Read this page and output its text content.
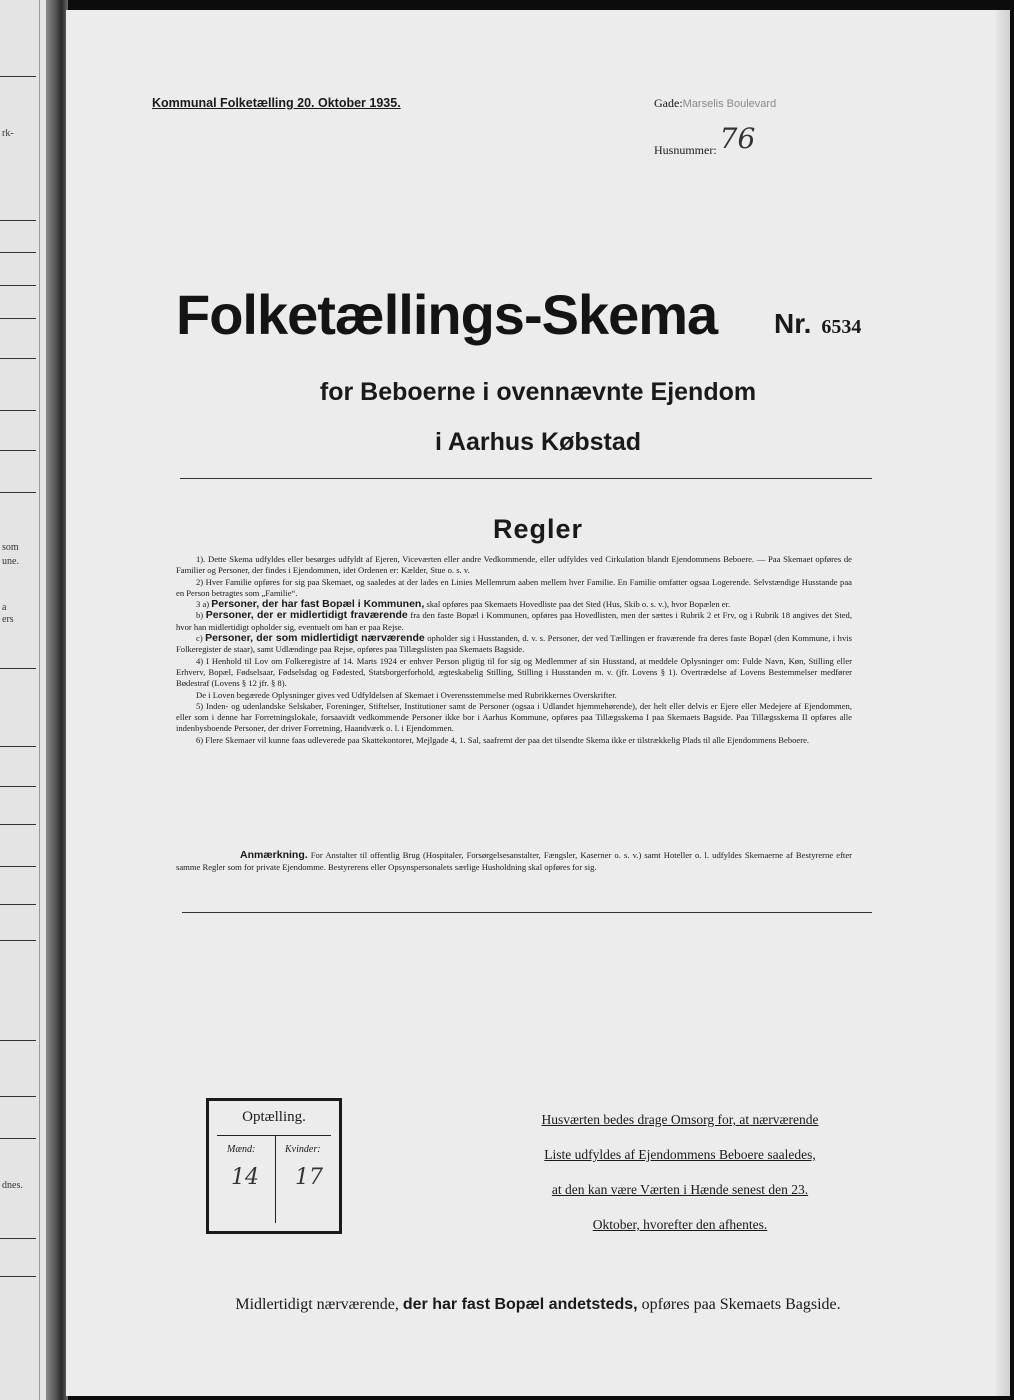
rk-
som
une.
a
ers
dnes.
Kommunal Folketælling 20. Oktober 1935.	Gade:Marselis Boulevard
Husnummer: 76
Folketællings-Skema Nr. 6534
for Beboerne i ovennævnte Ejendom
i Aarhus Købstad
Regler

1). Dette Skema udfyldes eller besørges udfyldt af Ejeren, Viceværten eller andre Vedkommende, eller udfyldes ved Cirkulation blandt Ejendommens Beboere. — Paa Skemaet opføres de Familier og Personer, der findes i Ejendommen, idet Ordenen er: Kælder, Stue o. s. v.

2) Hver Familie opføres for sig paa Skemaet, og saaledes at der lades en Linies Mellemrum aaben mellem hver Familie. En Familie omfatter ogsaa Logerende. Selvstændige Husstande paa en Person betragtes som „Familie“.

3 a) Personer, der har fast Bopæl i Kommunen, skal opføres paa Skemaets Hovedliste paa det Sted (Hus, Skib o. s. v.), hvor Bopælen er.

b) Personer, der er midlertidigt fraværende fra den faste Bopæl i Kommunen, opføres paa Hovedlisten, men der sættes i Rubrik 2 et Frv, og i Rubrik 18 angives det Sted, hvor han midlertidigt opholder sig, eventuelt om han er paa Rejse.

c) Personer, der som midlertidigt nærværende opholder sig i Husstanden, d. v. s. Personer, der ved Tællingen er fraværende fra deres faste Bopæl (den Kommune, i hvis Folkeregister de staar), samt Udlændinge paa Rejse, opføres paa Tillægslisten paa Skemaets Bagside.

4) I Henhold til Lov om Folkeregistre af 14. Marts 1924 er enhver Person pligtig til for sig og Medlemmer af sin Husstand, at meddele Oplysninger om: Fulde Navn, Køn, Stilling eller Erhverv, Bopæl, Fødselsaar, Fødselsdag og Fødested, Statsborgerforhold, ægteskabelig Stilling, Stilling i Husstanden m. v. (jfr. Lovens § 1). Overtrædelse af Lovens Bestemmelser medfører Bødestraf (Lovens § 12 jfr. § 8).

De i Loven begærede Oplysninger gives ved Udfyldelsen af Skemaet i Overensstemmelse med Rubrikkernes Overskrifter.

5) Inden- og udenlandske Selskaber, Foreninger, Stiftelser, Institutioner samt de Personer (ogsaa i Udlandet hjemmehørende), der helt eller delvis er Ejere eller Medejere af Ejendommen, eller som i denne har Forretningslokale, forsaavidt vedkommende Personer ikke bor i Aarhus Kommune, opføres paa Tillægsskema I paa Skemaets Bagside. Paa Tillægsskema II opføres alle indenbysboende Personer, der driver Forretning, Haandværk o. l. i Ejendommen.

6) Flere Skemaer vil kunne faas udleverede paa Skattekontoret, Mejlgade 4, 1. Sal, saafremt der paa det tilsendte Skema ikke er tilstrækkelig Plads til alle Ejendommens Beboere.

Anmærkning. For Anstalter til offentlig Brug (Hospitaler, Forsørgelsesanstalter, Fængsler, Kaserner o. s. v.) samt Hoteller o. l. udfyldes Skemaerne af Bestyrerne efter samme Regler som for private Ejendomme. Bestyrerens eller Opsynspersonalets særlige Husholdning skal opføres for sig.

Optælling.
Mænd:	Kvinder:
14 17
Husværten bedes drage Omsorg for, at nærværende
Liste udfyldes af Ejendommens Beboere saaledes,
at den kan være Værten i Hænde senest den 23.
Oktober, hvorefter den afhentes.
Midlertidigt nærværende, der har fast Bopæl andetsteds, opføres paa Skemaets Bagside.
